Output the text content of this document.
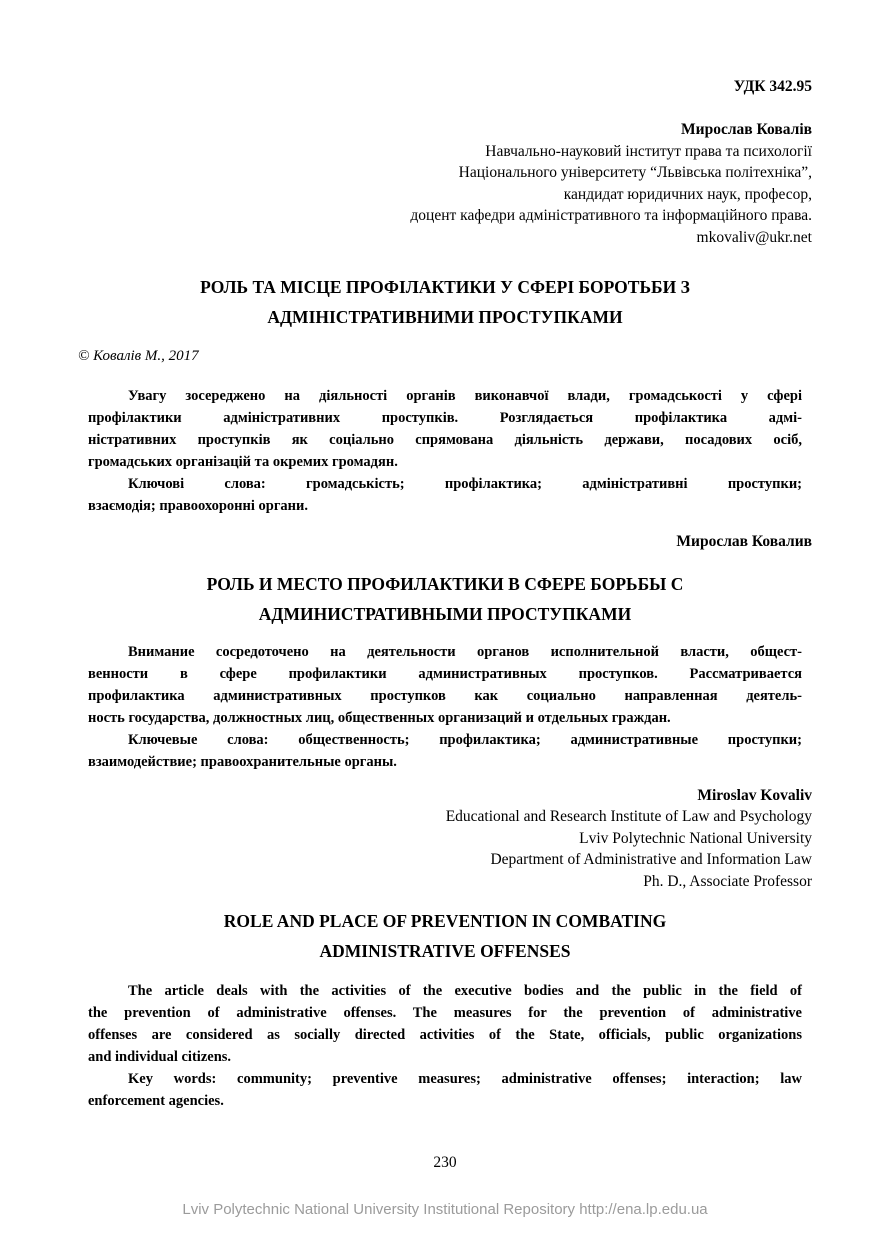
УДК 342.95
Мирослав Ковалів
Навчально-науковий інститут права та психології
Національного університету “Львівська політехніка”,
кандидат юридичних наук, професор,
доцент кафедри адміністративного та інформаційного права.
mkovaliv@ukr.net
РОЛЬ ТА МІСЦЕ ПРОФІЛАКТИКИ У СФЕРІ БОРОТЬБИ З
АДМІНІСТРАТИВНИМИ ПРОСТУПКАМИ
© Ковалів М., 2017
Увагу зосереджено на діяльності органів виконавчої влади, громадськості у сфері
профілактики адміністративних проступків. Розглядається профілактика адмі-
ністративних проступків як соціально спрямована діяльність держави, посадових осіб,
громадських організацій та окремих громадян.
Ключові слова: громадськість; профілактика; адміністративні проступки;
взаємодія; правоохоронні органи.
Мирослав Ковалив
РОЛЬ И МЕСТО ПРОФИЛАКТИКИ В СФЕРЕ БОРЬБЫ С
АДМИНИСТРАТИВНЫМИ ПРОСТУПКАМИ
Внимание сосредоточено на деятельности органов исполнительной власти, общест-
венности в сфере профилактики административных проступков. Рассматривается
профилактика административных проступков как социально направленная деятель-
ность государства, должностных лиц, общественных организаций и отдельных граждан.
Ключевые слова: общественность; профилактика; административные проступки;
взаимодействие; правоохранительные органы.
Miroslav Kovaliv
Educational and Research Institute of Law and Psychology
Lviv Polytechnic National University
Department of Administrative and Information Law
Ph. D., Associate Professor
ROLE AND PLACE OF PREVENTION IN COMBATING
ADMINISTRATIVE OFFENSES
The article deals with the activities of the executive bodies and the public in the field of
the prevention of administrative offenses. The measures for the prevention of administrative
offenses are considered as socially directed activities of the State, officials, public organizations
and individual citizens.
Key words: community; preventive measures; administrative offenses; interaction; law
enforcement agencies.
230
Lviv Polytechnic National University Institutional Repository http://ena.lp.edu.ua
